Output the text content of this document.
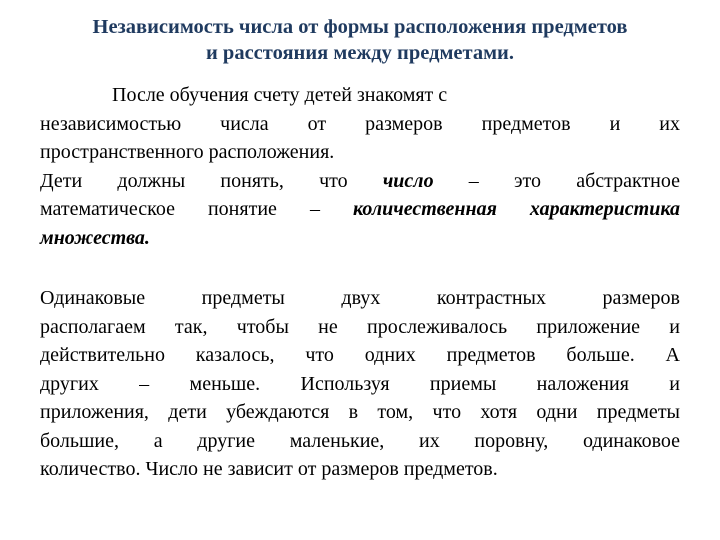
Независимость числа от формы расположения предметов
и расстояния между предметами.
После обучения счету детей знакомят с
независимостью числа от размеров предметов и их
пространственного расположения.
Дети должны понять, что число – это абстрактное
математическое понятие – количественная характеристика
множества.
Одинаковые предметы двух контрастных размеров
располагаем так, чтобы не прослеживалось приложение и
действительно казалось, что одних предметов больше. А
других – меньше. Используя приемы наложения и
приложения, дети убеждаются в том, что хотя одни предметы
большие, а другие маленькие, их поровну, одинаковое
количество. Число не зависит от размеров предметов.
